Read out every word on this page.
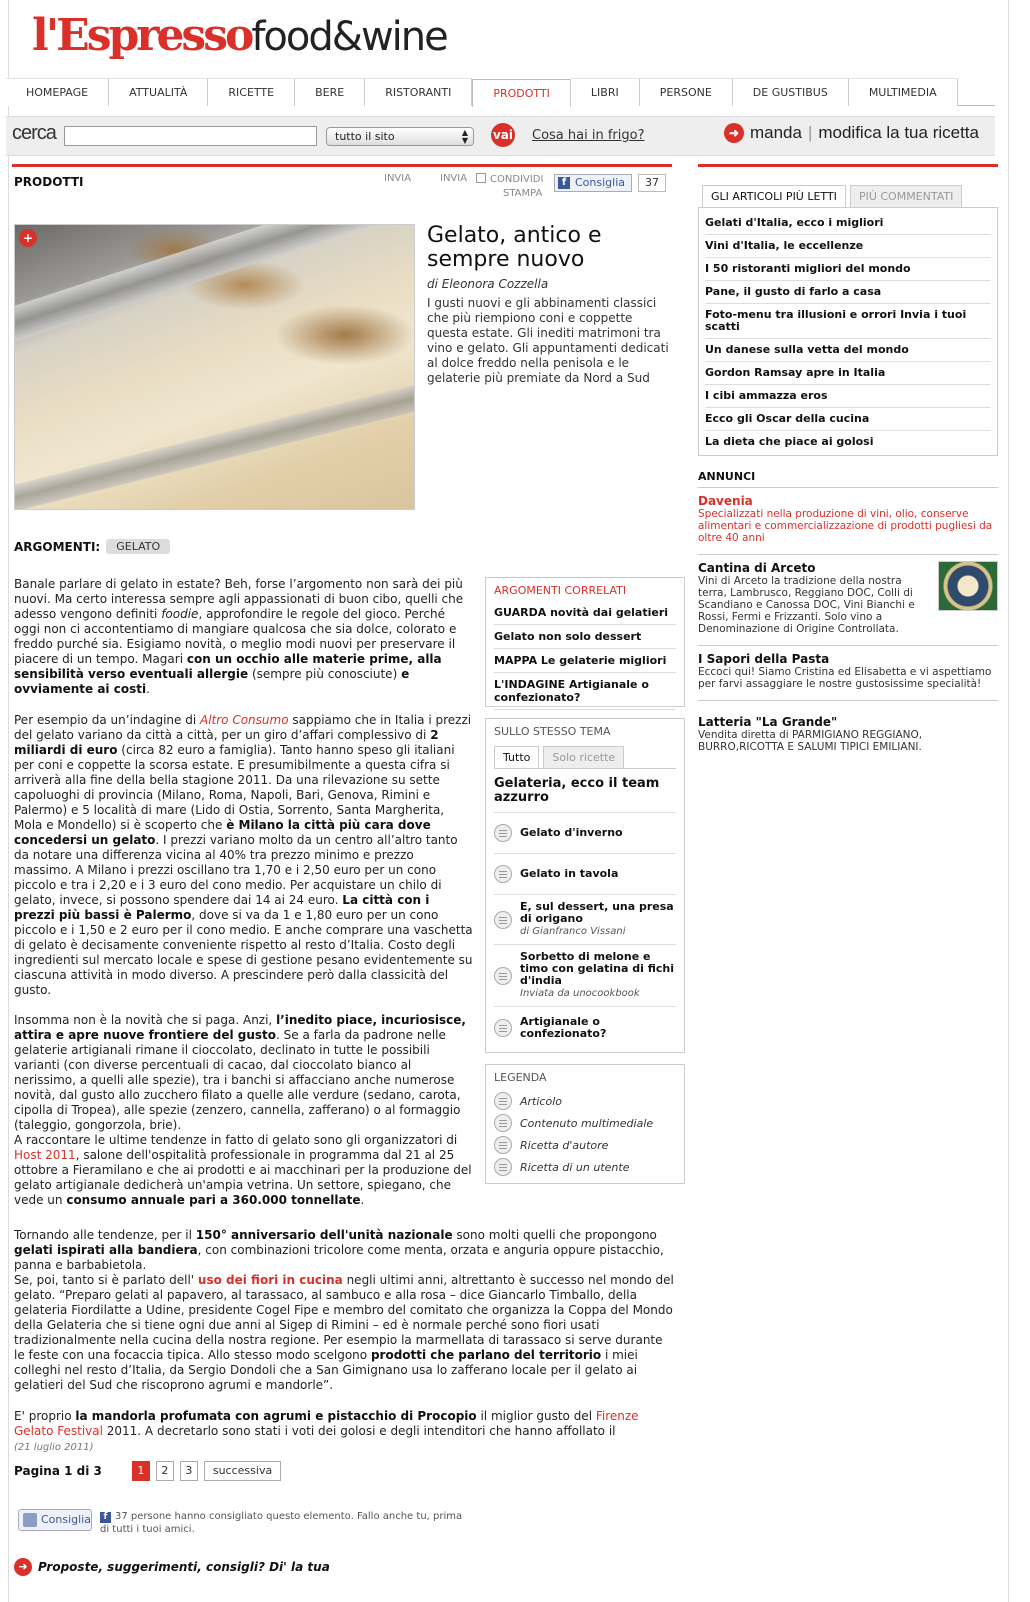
l'Espresso food&wine
HOMEPAGE	ATTUALITÀ	RICETTE	BERE	RISTORANTI	PRODOTTI	LIBRI	PERSONE	DE GUSTIBUS	MULTIMEDIA
cerca	tutto il sito	▲
▼ vai Cosa hai in frigo?	➜ manda | modifica la tua ricetta
PRODOTTI	INVIA	INVIA	CONDIVIDI
STAMPA
f Consiglia	37
+	Gelato, antico e sempre nuovo
di Eleonora Cozzella
I gusti nuovi e gli abbinamenti classici che più riempiono coni e coppette questa estate. Gli inediti matrimoni tra vino e gelato. Gli appuntamenti dedicati al dolce freddo nella penisola e le gelaterie più premiate da Nord a Sud
ARGOMENTI:	GELATO

Banale parlare di gelato in estate? Beh, forse l’argomento non sarà dei più nuovi. Ma certo interessa sempre agli appassionati di buon cibo, quelli che adesso vengono definiti foodie, approfondire le regole del gioco. Perché oggi non ci accontentiamo di mangiare qualcosa che sia dolce, colorato e freddo purché sia. Esigiamo novità, o meglio modi nuovi per preservare il piacere di un tempo. Magari con un occhio alle materie prime, alla sensibilità verso eventuali allergie (sempre più conosciute) e ovviamente ai costi.

Per esempio da un’indagine di Altro Consumo sappiamo che in Italia i prezzi del gelato variano da città a città, per un giro d’affari complessivo di 2 miliardi di euro (circa 82 euro a famiglia). Tanto hanno speso gli italiani per coni e coppette la scorsa estate. E presumibilmente a questa cifra si arriverà alla fine della bella stagione 2011. Da una rilevazione su sette capoluoghi di provincia (Milano, Roma, Napoli, Bari, Genova, Rimini e Palermo) e 5 località di mare (Lido di Ostia, Sorrento, Santa Margherita, Mola e Mondello) si è scoperto che è Milano la città più cara dove concedersi un gelato. I prezzi variano molto da un centro all’altro tanto da notare una differenza vicina al 40% tra prezzo minimo e prezzo massimo. A Milano i prezzi oscillano tra 1,70 e i 2,50 euro per un cono piccolo e tra i 2,20 e i 3 euro del cono medio. Per acquistare un chilo di gelato, invece, si possono spendere dai 14 ai 24 euro. La città con i prezzi più bassi è Palermo, dove si va da 1 e 1,80 euro per un cono piccolo e i 1,50 e 2 euro per il cono medio. E anche comprare una vaschetta di gelato è decisamente conveniente rispetto al resto d’Italia. Costo degli ingredienti sul mercato locale e spese di gestione pesano evidentemente su ciascuna attività in modo diverso. A prescindere però dalla classicità del gusto.

Insomma non è la novità che si paga. Anzi, l’inedito piace, incuriosisce, attira e apre nuove frontiere del gusto. Se a farla da padrone nelle gelaterie artigianali rimane il cioccolato, declinato in tutte le possibili varianti (con diverse percentuali di cacao, dal cioccolato bianco al nerissimo, a quelli alle spezie), tra i banchi si affacciano anche numerose novità, dal gusto allo zucchero filato a quelle alle verdure (sedano, carota, cipolla di Tropea), alle spezie (zenzero, cannella, zafferano) o al formaggio (taleggio, gongorzola, brie).
A raccontare le ultime tendenze in fatto di gelato sono gli organizzatori di Host 2011, salone dell'ospitalità professionale in programma dal 21 al 25 ottobre a Fieramilano e che ai prodotti e ai macchinari per la produzione del gelato artigianale dedicherà un'ampia vetrina. Un settore, spiegano, che vede un consumo annuale pari a 360.000 tonnellate.

Tornando alle tendenze, per il 150° anniversario dell'unità nazionale sono molti quelli che propongono gelati ispirati alla bandiera, con combinazioni tricolore come menta, orzata e anguria oppure pistacchio, panna e barbabietola.
Se, poi, tanto si è parlato dell' uso dei fiori in cucina negli ultimi anni, altrettanto è successo nel mondo del gelato. “Preparo gelati al papavero, al tarassaco, al sambuco e alla rosa – dice Giancarlo Timballo, della gelateria Fiordilatte a Udine, presidente Cogel Fipe e membro del comitato che organizza la Coppa del Mondo della Gelateria che si tiene ogni due anni al Sigep di Rimini – ed è normale perché sono fiori usati tradizionalmente nella cucina della nostra regione. Per esempio la marmellata di tarassaco si serve durante le feste con una focaccia tipica. Allo stesso modo scelgono prodotti che parlano del territorio i miei colleghi nel resto d’Italia, da Sergio Dondoli che a San Gimignano usa lo zafferano locale per il gelato ai gelatieri del Sud che riscoprono agrumi e mandorle”.

E' proprio la mandorla profumata con agrumi e pistacchio di Procopio il miglior gusto del Firenze Gelato Festival 2011. A decretarlo sono stati i voti dei golosi e degli intenditori che hanno affollato il
(21 luglio 2011)

ARGOMENTI CORRELATI
GUARDA novità dai gelatieri
Gelato non solo dessert
MAPPA Le gelaterie migliori
L'INDAGINE Artigianale o confezionato?
SULLO STESSO TEMA
Tutto	Solo ricette
Gelateria, ecco il team azzurro
Gelato d'inverno
Gelato in tavola
E, sul dessert, una presa di origano
di Gianfranco Vissani
Sorbetto di melone e timo con gelatina di fichi d'india
Inviata da unocookbook
Artigianale o confezionato?
LEGENDA
Articolo
Contenuto multimediale
Ricetta d'autore
Ricetta di un utente
Pagina 1 di 3	1	2	3	successiva
Consiglia	f 37 persone hanno consigliato questo elemento. Fallo anche tu, prima di tutti i tuoi amici.
➜ Proposte, suggerimenti, consigli? Di' la tua
GLI ARTICOLI PIÙ LETTI	PIÙ COMMENTATI
Gelati d'Italia, ecco i migliori
Vini d'Italia, le eccellenze
I 50 ristoranti migliori del mondo
Pane, il gusto di farlo a casa
Foto-menu tra illusioni e orrori Invia i tuoi scatti
Un danese sulla vetta del mondo
Gordon Ramsay apre in Italia
I cibi ammazza eros
Ecco gli Oscar della cucina
La dieta che piace ai golosi
ANNUNCI
Davenia
Specializzati nella produzione di vini, olio, conserve alimentari e commercializzazione di prodotti pugliesi da oltre 40 anni
Cantina di Arceto
Vini di Arceto la tradizione della nostra terra, Lambrusco, Reggiano DOC, Colli di Scandiano e Canossa DOC, Vini Bianchi e Rossi, Fermi e Frizzanti. Solo vino a Denominazione di Origine Controllata.
I Sapori della Pasta
Eccoci qui! Siamo Cristina ed Elisabetta e vi aspettiamo per farvi assaggiare le nostre gustosissime specialità!
Latteria "La Grande"
Vendita diretta di PARMIGIANO REGGIANO, BURRO,RICOTTA E SALUMI TIPICI EMILIANI.
